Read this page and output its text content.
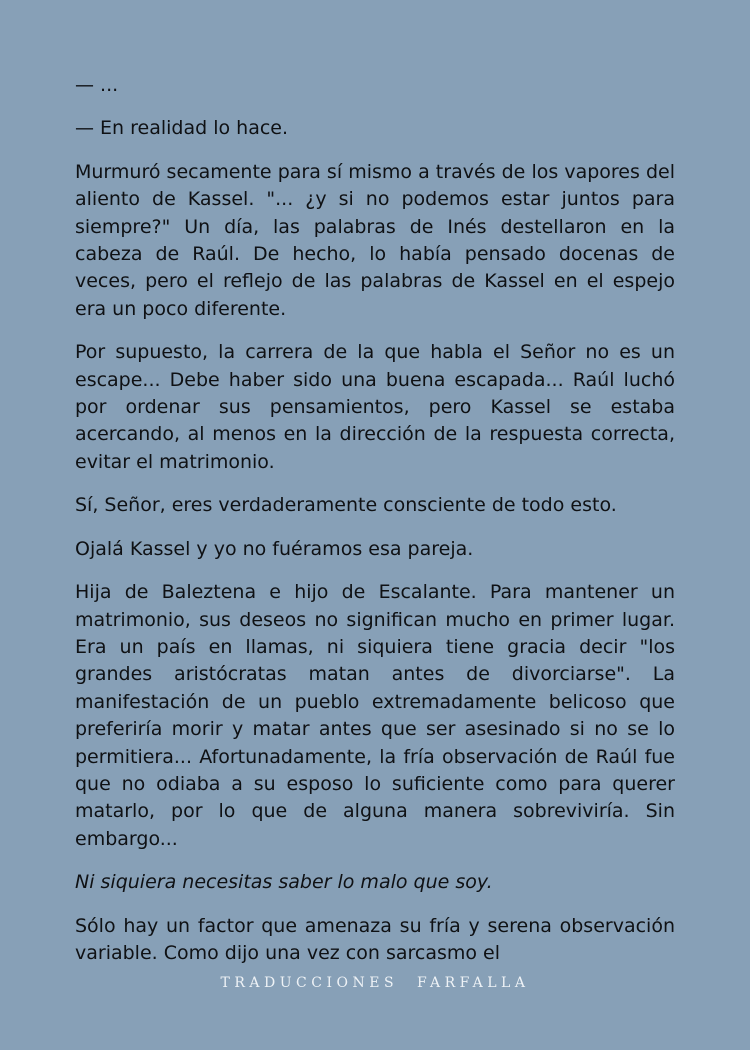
— ...

— En realidad lo hace.

Murmuró secamente para sí mismo a través de los vapores del aliento de Kassel. "... ¿y si no podemos estar juntos para siempre?" Un día, las palabras de Inés destellaron en la cabeza de Raúl. De hecho, lo había pensado docenas de veces, pero el reflejo de las palabras de Kassel en el espejo era un poco diferente.

Por supuesto, la carrera de la que habla el Señor no es un escape... Debe haber sido una buena escapada... Raúl luchó por ordenar sus pensamientos, pero Kassel se estaba acercando, al menos en la dirección de la respuesta correcta, evitar el matrimonio.

Sí, Señor, eres verdaderamente consciente de todo esto.

Ojalá Kassel y yo no fuéramos esa pareja.

Hija de Baleztena e hijo de Escalante. Para mantener un matrimonio, sus deseos no significan mucho en primer lugar. Era un país en llamas, ni siquiera tiene gracia decir "los grandes aristócratas matan antes de divorciarse". La manifestación de un pueblo extremadamente belicoso que preferiría morir y matar antes que ser asesinado si no se lo permitiera... Afortunadamente, la fría observación de Raúl fue que no odiaba a su esposo lo suficiente como para querer matarlo, por lo que de alguna manera sobreviviría. Sin embargo...

Ni siquiera necesitas saber lo malo que soy.

Sólo hay un factor que amenaza su fría y serena observación variable. Como dijo una vez con sarcasmo el

TRADUCCIONES FARFALLA
